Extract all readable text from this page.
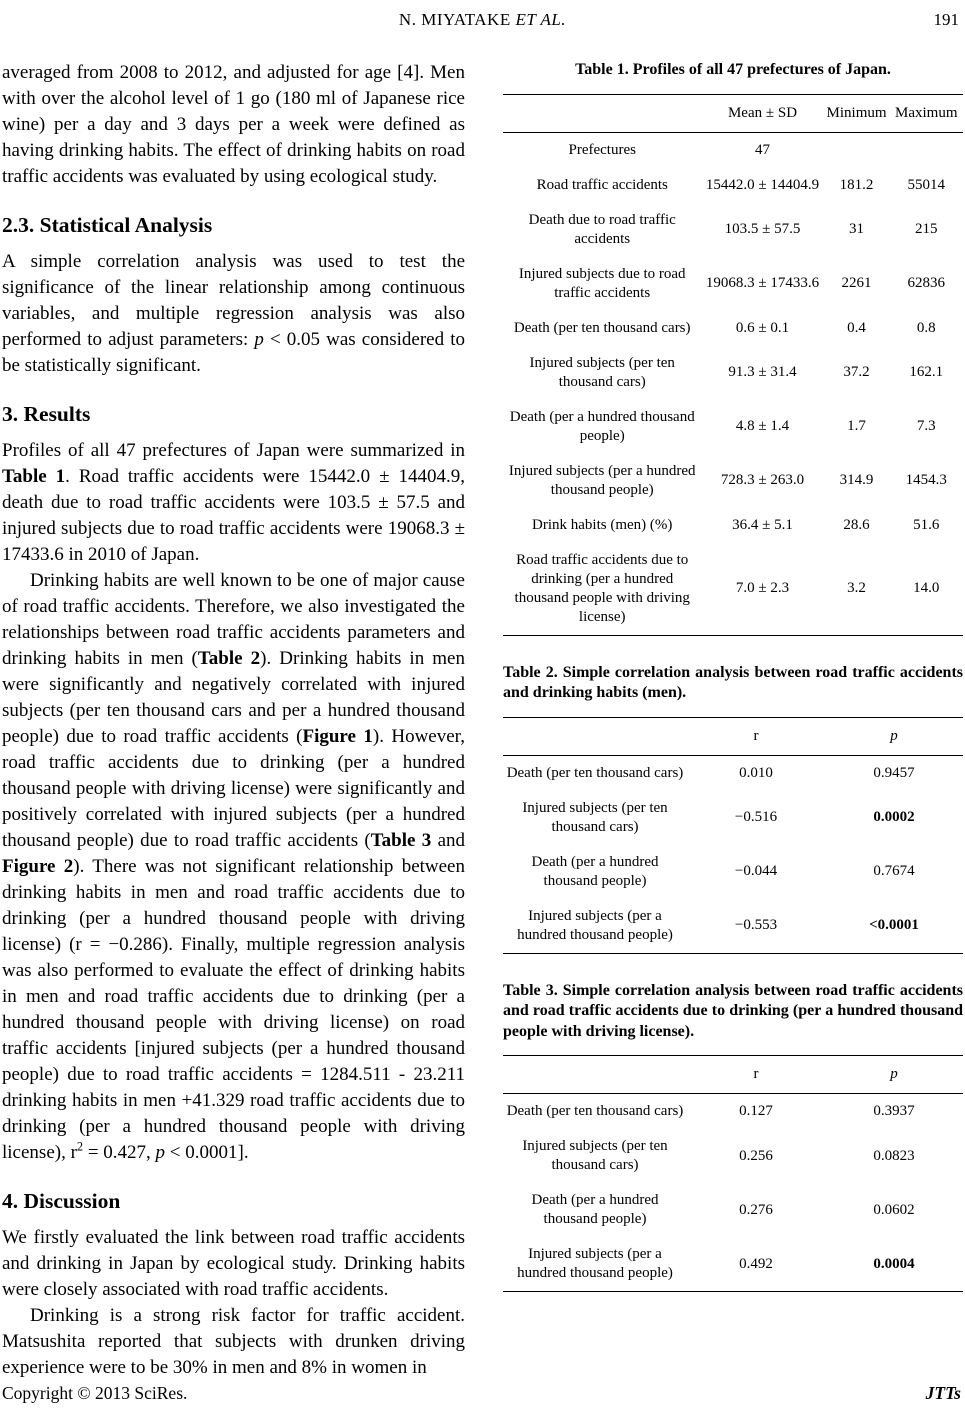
N. MIYATAKE ET AL.	191

averaged from 2008 to 2012, and adjusted for age [4]. Men with over the alcohol level of 1 go (180 ml of Japanese rice wine) per a day and 3 days per a week were defined as having drinking habits. The effect of drinking habits on road traffic accidents was evaluated by using ecological study.

2.3. Statistical Analysis

A simple correlation analysis was used to test the significance of the linear relationship among continuous variables, and multiple regression analysis was also performed to adjust parameters: p < 0.05 was considered to be statistically significant.

3. Results

Profiles of all 47 prefectures of Japan were summarized in Table 1. Road traffic accidents were 15442.0 ± 14404.9, death due to road traffic accidents were 103.5 ± 57.5 and injured subjects due to road traffic accidents were 19068.3 ± 17433.6 in 2010 of Japan.

Drinking habits are well known to be one of major cause of road traffic accidents. Therefore, we also investigated the relationships between road traffic accidents parameters and drinking habits in men (Table 2). Drinking habits in men were significantly and negatively correlated with injured subjects (per ten thousand cars and per a hundred thousand people) due to road traffic accidents (Figure 1). However, road traffic accidents due to drinking (per a hundred thousand people with driving license) were significantly and positively correlated with injured subjects (per a hundred thousand people) due to road traffic accidents (Table 3 and Figure 2). There was not significant relationship between drinking habits in men and road traffic accidents due to drinking (per a hundred thousand people with driving license) (r = −0.286). Finally, multiple regression analysis was also performed to evaluate the effect of drinking habits in men and road traffic accidents due to drinking (per a hundred thousand people with driving license) on road traffic accidents [injured subjects (per a hundred thousand people) due to road traffic accidents = 1284.511 - 23.211 drinking habits in men +41.329 road traffic accidents due to drinking (per a hundred thousand people with driving license), $r^2 = 0.427$, p < 0.0001].

4. Discussion

We firstly evaluated the link between road traffic accidents and drinking in Japan by ecological study. Drinking habits were closely associated with road traffic accidents.

Drinking is a strong risk factor for traffic accident. Matsushita reported that subjects with drunken driving experience were to be 30% in men and 8% in women in

Table 1. Profiles of all 47 prefectures of Japan.

	Mean ± SD	Minimum	Maximum
Prefectures	47		
Road traffic accidents	15442.0 ± 14404.9	181.2	55014
Death due to road traffic accidents	103.5 ± 57.5	31	215
Injured subjects due to road traffic accidents	19068.3 ± 17433.6	2261	62836
Death (per ten thousand cars)	0.6 ± 0.1	0.4	0.8
Injured subjects (per ten thousand cars)	91.3 ± 31.4	37.2	162.1
Death (per a hundred thousand people)	4.8 ± 1.4	1.7	7.3
Injured subjects (per a hundred thousand people)	728.3 ± 263.0	314.9	1454.3
Drink habits (men) (%)	36.4 ± 5.1	28.6	51.6
Road traffic accidents due to drinking (per a hundred thousand people with driving license)	7.0 ± 2.3	3.2	14.0

Table 2. Simple correlation analysis between road traffic accidents and drinking habits (men).

	r	p
Death (per ten thousand cars)	0.010	0.9457
Injured subjects (per ten thousand cars)	−0.516	0.0002
Death (per a hundred thousand people)	−0.044	0.7674
Injured subjects (per a hundred thousand people)	−0.553	<0.0001

Table 3. Simple correlation analysis between road traffic accidents and road traffic accidents due to drinking (per a hundred thousand people with driving license).

	r	p
Death (per ten thousand cars)	0.127	0.3937
Injured subjects (per ten thousand cars)	0.256	0.0823
Death (per a hundred thousand people)	0.276	0.0602
Injured subjects (per a hundred thousand people)	0.492	0.0004
Copyright © 2013 SciRes.	JTTs
